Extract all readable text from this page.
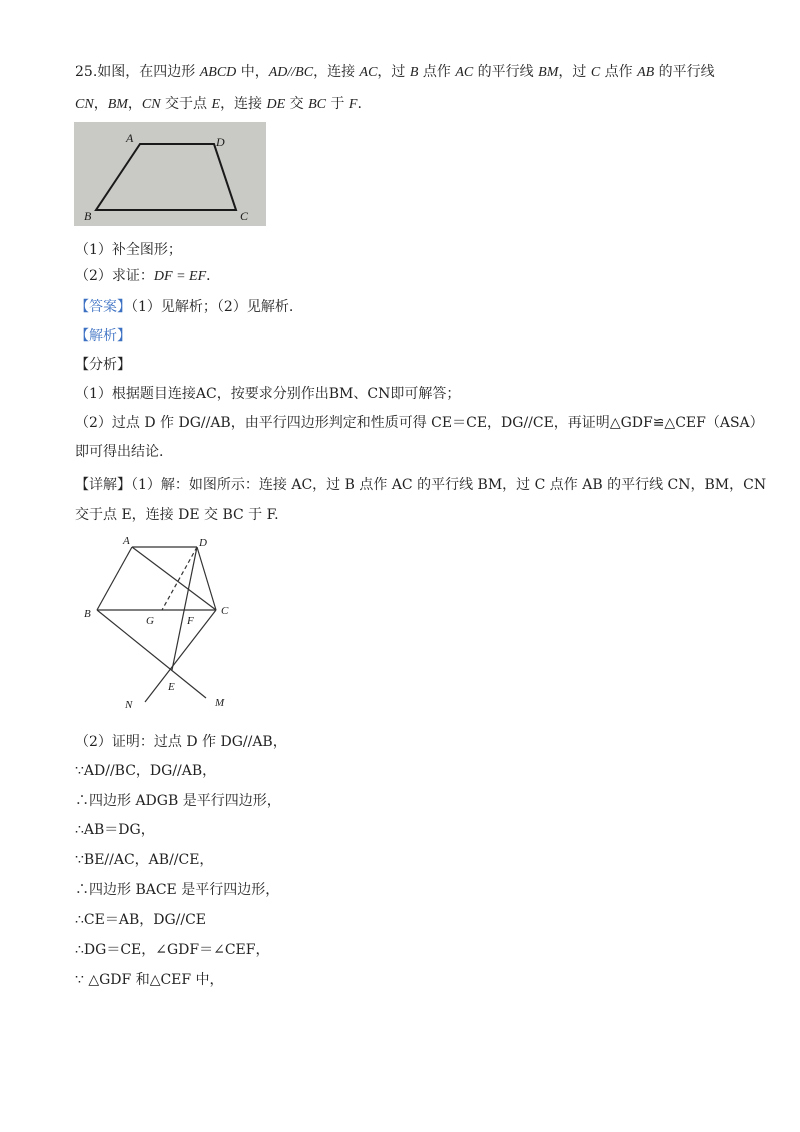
25.如图，在四边形 ABCD 中，AD//BC，连接 AC，过 B 点作 AC 的平行线 BM，过 C 点作 AB 的平行线
CN，BM，CN 交于点 E，连接 DE 交 BC 于 F.
A	D
B	C
（1）补全图形；
（2）求证：DF = EF．
【答案】（1）见解析；（2）见解析.
【解析】
【分析】
（1）根据题目连接AC，按要求分别作出BM、CN即可解答；
（2）过点 D 作 DG//AB，由平行四边形判定和性质可得 CE＝CE，DG//CE，再证明△GDF≌△CEF（ASA）
即可得出结论.
【详解】（1）解：如图所示：连接 AC，过 B 点作 AC 的平行线 BM，过 C 点作 AB 的平行线 CN，BM，CN
交于点 E，连接 DE 交 BC 于 F.
A	D
B	C
G	F
E
N	M
（2）证明：过点 D 作 DG//AB，
∵AD//BC，DG//AB，
∴四边形 ADGB 是平行四边形，
∴AB＝DG，
∵BE//AC，AB//CE，
∴四边形 BACE 是平行四边形，
∴CE＝AB，DG//CE
∴DG＝CE，∠GDF＝∠CEF，
∵ △GDF 和△CEF 中，
